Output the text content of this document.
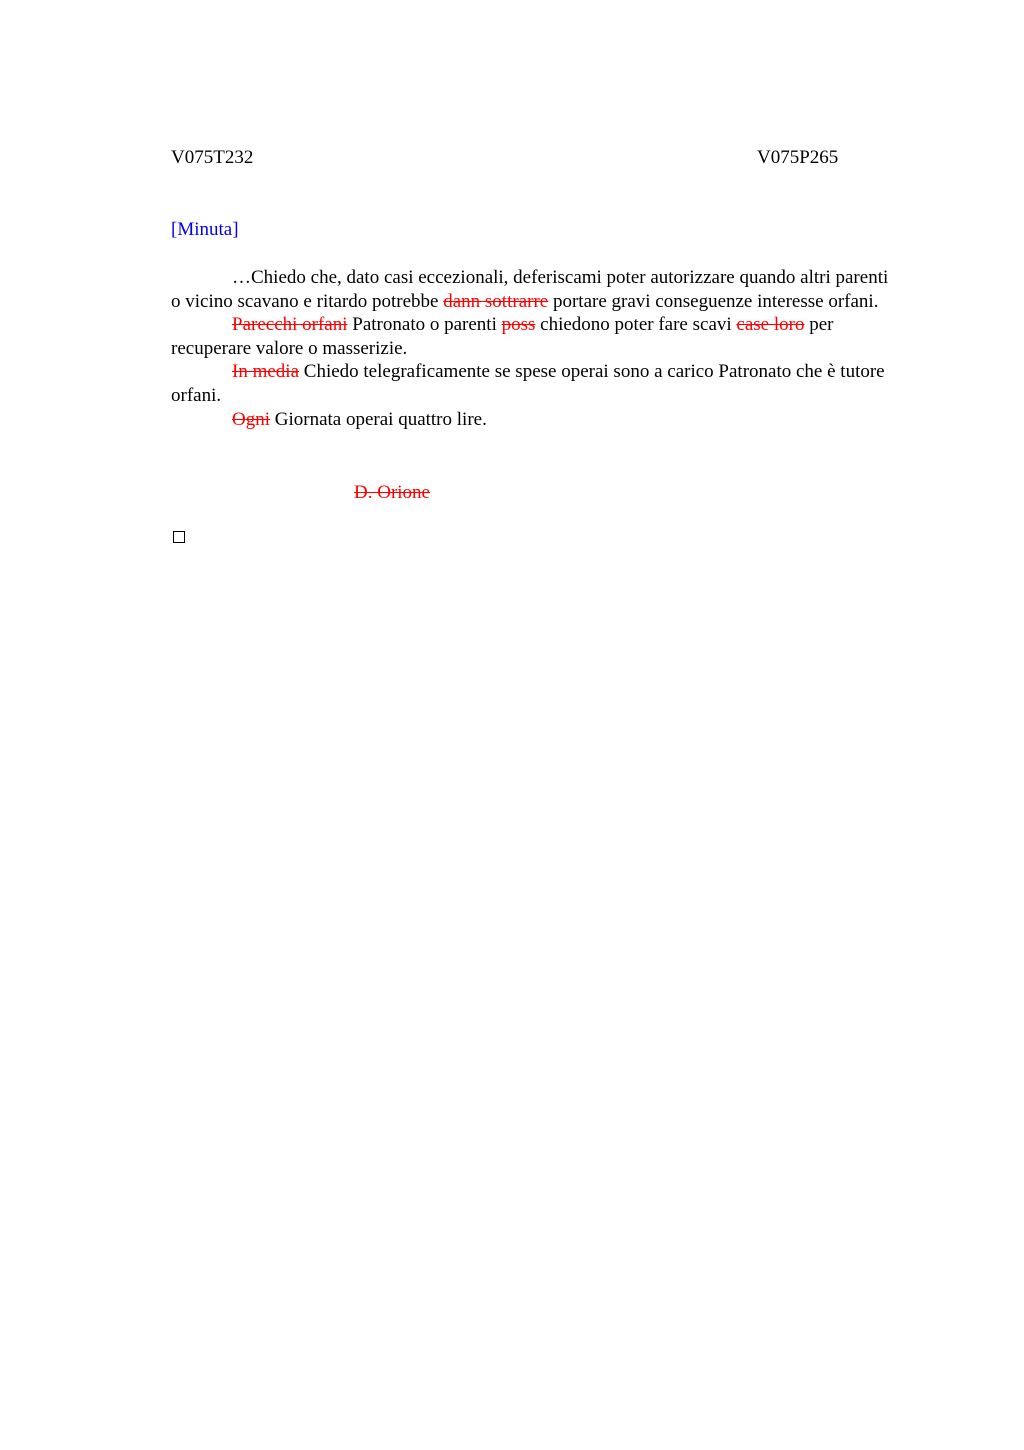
V075T232	V075P265
[Minuta]

…Chiedo che, dato casi eccezionali, deferiscami poter autorizzare quando altri parenti o vicino scavano e ritardo potrebbe dann sottrarre portare gravi conseguenze interesse orfani.

Parecchi orfani Patronato o parenti poss chiedono poter fare scavi case loro per recuperare valore o masserizie.

In media Chiedo telegraficamente se spese operai sono a carico Patronato che è tutore orfani.

Ogni Giornata operai quattro lire.

D. Orione
